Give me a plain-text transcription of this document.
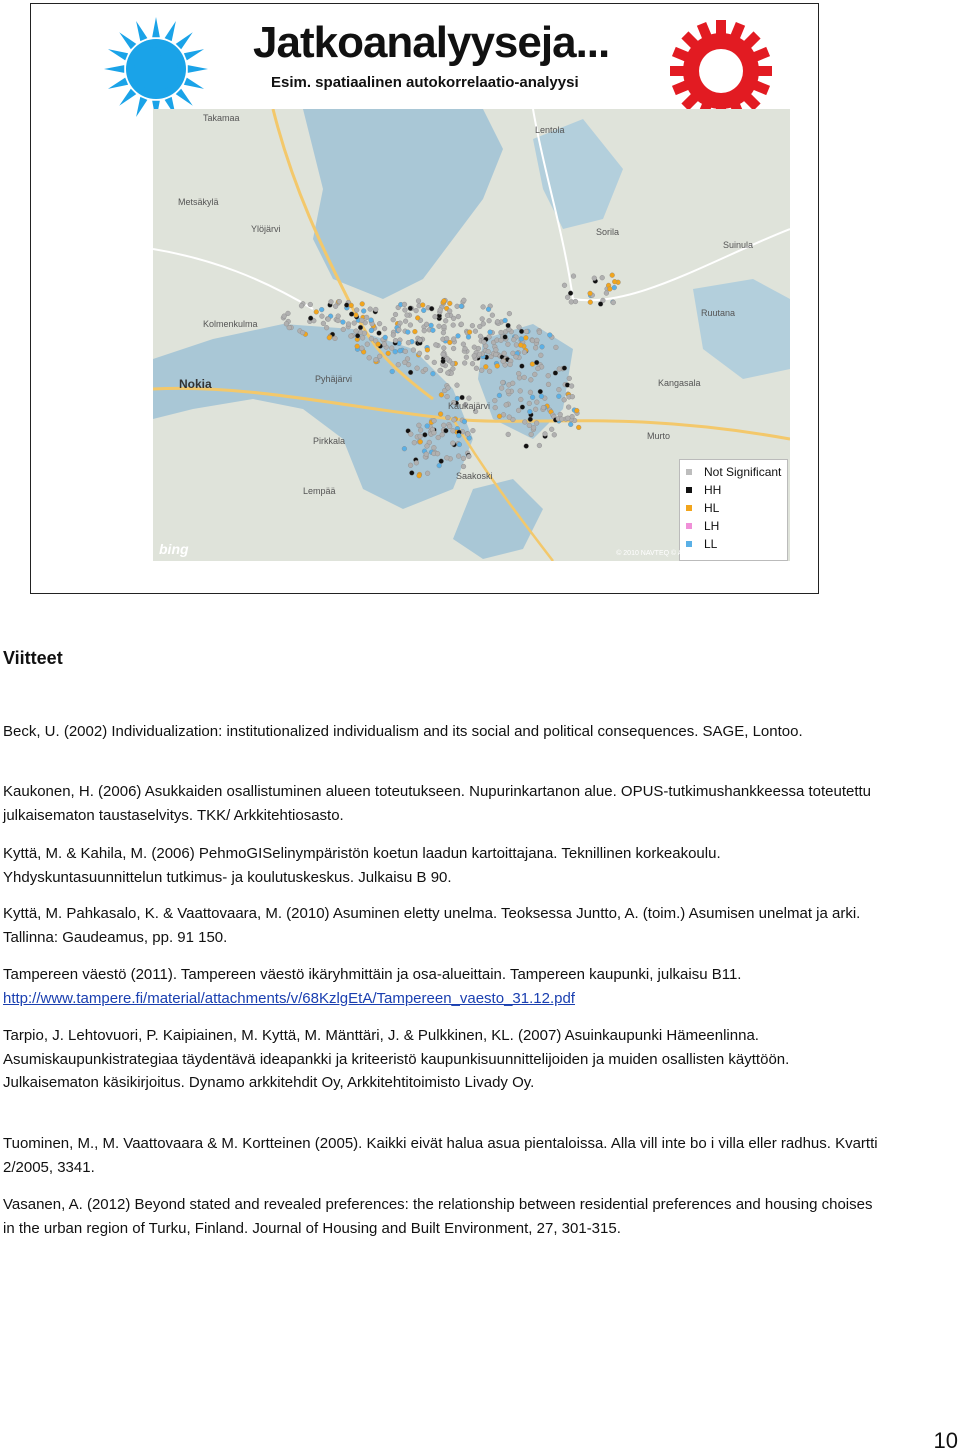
Jatkoanalyyseja...
Esim. spatiaalinen autokorrelaatio-analyysi
Takamaa
Ylöjärvi
Metsäkylä
Kolmenkulma
Nokia	Pyhäjärvi	Kangasala
Sorila
Suinula
Ruutana
Lentola
Murto
Saakoski
Pirkkala
Lempää
Kaukajärvi
Not Significant
HH
HL
LH
LL
bing	© 2010 NAVTEQ © AND © 2013 Microsoft Corporation
Viitteet
Beck, U. (2002) Individualization: institutionalized individualism and its social and political consequences. SAGE, Lontoo.
Kaukonen, H. (2006) Asukkaiden osallistuminen alueen toteutukseen. Nupurinkartanon alue. OPUS-tutkimushankkeessa toteutettu julkaisematon taustaselvitys. TKK/ Arkkitehtiosasto.
Kyttä, M. & Kahila, M. (2006) PehmoGISelinympäristön koetun laadun kartoittajana. Teknillinen korkeakoulu. Yhdyskuntasuunnittelun tutkimus- ja koulutuskeskus. Julkaisu B 90.
Kyttä, M. Pahkasalo, K. & Vaattovaara, M. (2010) Asuminen eletty unelma. Teoksessa Juntto, A. (toim.) Asumisen unelmat ja arki. Tallinna: Gaudeamus, pp. 91 150.
Tampereen väestö (2011). Tampereen väestö ikäryhmittäin ja osa-alueittain. Tampereen kaupunki, julkaisu B11. http://www.tampere.fi/material/attachments/v/68KzlgEtA/Tampereen_vaesto_31.12.pdf
Tarpio, J. Lehtovuori, P. Kaipiainen, M. Kyttä, M. Mänttäri, J. & Pulkkinen, KL. (2007) Asuinkaupunki Hämeenlinna. Asumiskaupunkistrategiaa täydentävä ideapankki ja kriteeristö kaupunkisuunnittelijoiden ja muiden osallisten käyttöön. Julkaisematon käsikirjoitus. Dynamo arkkitehdit Oy, Arkkitehtitoimisto Livady Oy.
Tuominen, M., M. Vaattovaara & M. Kortteinen (2005). Kaikki eivät halua asua pientaloissa. Alla vill inte bo i villa eller radhus. Kvartti 2/2005, 3341.
Vasanen, A. (2012) Beyond stated and revealed preferences: the relationship between residential preferences and housing choises in the urban region of Turku, Finland. Journal of Housing and Built Environment, 27, 301-315.
10
